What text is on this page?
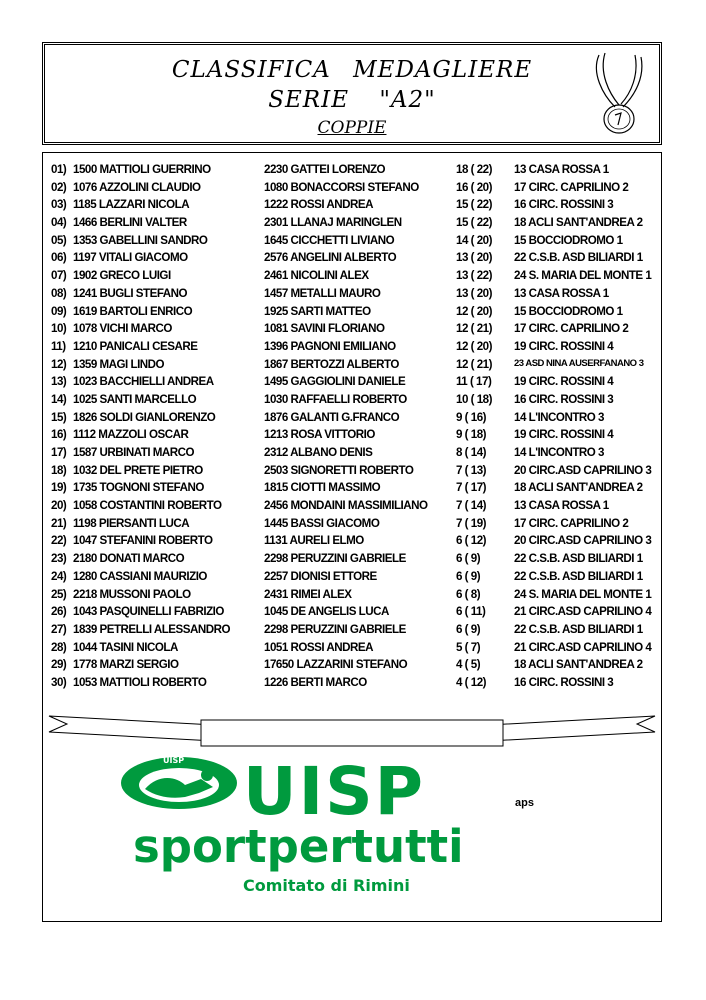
CLASSIFICA MEDAGLIERE
SERIE "A2"
COPPIE
01) 1500 MATTIOLI GUERRINO	2230 GATTEI LORENZO	18 ( 22)	13 CASA ROSSA 1
02) 1076 AZZOLINI CLAUDIO	1080 BONACCORSI STEFANO	16 ( 20)	17 CIRC. CAPRILINO 2
03) 1185 LAZZARI NICOLA	1222 ROSSI ANDREA	15 ( 22)	16 CIRC. ROSSINI 3
04) 1466 BERLINI VALTER	2301 LLANAJ MARINGLEN	15 ( 22)	18 ACLI SANT'ANDREA 2
05) 1353 GABELLINI SANDRO	1645 CICCHETTI LIVIANO	14 ( 20)	15 BOCCIODROMO 1
06) 1197 VITALI GIACOMO	2576 ANGELINI ALBERTO	13 ( 20)	22 C.S.B. ASD BILIARDI 1
07) 1902 GRECO LUIGI	2461 NICOLINI ALEX	13 ( 22)	24 S. MARIA DEL MONTE 1
08) 1241 BUGLI STEFANO	1457 METALLI MAURO	13 ( 20)	13 CASA ROSSA 1
09) 1619 BARTOLI ENRICO	1925 SARTI MATTEO	12 ( 20)	15 BOCCIODROMO 1
10) 1078 VICHI MARCO	1081 SAVINI FLORIANO	12 ( 21)	17 CIRC. CAPRILINO 2
11) 1210 PANICALI CESARE	1396 PAGNONI EMILIANO	12 ( 20)	19 CIRC. ROSSINI 4
12) 1359 MAGI LINDO	1867 BERTOZZI ALBERTO	12 ( 21)	23 ASD NINA AUSERFANANO 3
13) 1023 BACCHIELLI ANDREA	1495 GAGGIOLINI DANIELE	11 ( 17)	19 CIRC. ROSSINI 4
14) 1025 SANTI MARCELLO	1030 RAFFAELLI ROBERTO	10 ( 18)	16 CIRC. ROSSINI 3
15) 1826 SOLDI GIANLORENZO	1876 GALANTI G.FRANCO	9 ( 16)	14 L'INCONTRO 3
16) 1112 MAZZOLI OSCAR	1213 ROSA VITTORIO	9 ( 18)	19 CIRC. ROSSINI 4
17) 1587 URBINATI MARCO	2312 ALBANO DENIS	8 ( 14)	14 L'INCONTRO 3
18) 1032 DEL PRETE PIETRO	2503 SIGNORETTI ROBERTO	7 ( 13)	20 CIRC.ASD CAPRILINO 3
19) 1735 TOGNONI STEFANO	1815 CIOTTI MASSIMO	7 ( 17)	18 ACLI SANT'ANDREA 2
20) 1058 COSTANTINI ROBERTO	2456 MONDAINI MASSIMILIANO	7 ( 14)	13 CASA ROSSA 1
21) 1198 PIERSANTI LUCA	1445 BASSI GIACOMO	7 ( 19)	17 CIRC. CAPRILINO 2
22) 1047 STEFANINI ROBERTO	1131 AURELI ELMO	6 ( 12)	20 CIRC.ASD CAPRILINO 3
23) 2180 DONATI MARCO	2298 PERUZZINI GABRIELE	6 ( 9)	22 C.S.B. ASD BILIARDI 1
24) 1280 CASSIANI MAURIZIO	2257 DIONISI ETTORE	6 ( 9)	22 C.S.B. ASD BILIARDI 1
25) 2218 MUSSONI PAOLO	2431 RIMEI ALEX	6 ( 8)	24 S. MARIA DEL MONTE 1
26) 1043 PASQUINELLI FABRIZIO	1045 DE ANGELIS LUCA	6 ( 11)	21 CIRC.ASD CAPRILINO 4
27) 1839 PETRELLI ALESSANDRO	2298 PERUZZINI GABRIELE	6 ( 9)	22 C.S.B. ASD BILIARDI 1
28) 1044 TASINI NICOLA	1051 ROSSI ANDREA	5 ( 7)	21 CIRC.ASD CAPRILINO 4
29) 1778 MARZI SERGIO	17650 LAZZARINI STEFANO	4 ( 5)	18 ACLI SANT'ANDREA 2
30) 1053 MATTIOLI ROBERTO	1226 BERTI MARCO	4 ( 12)	16 CIRC. ROSSINI 3
UISP UISP	aps
sportpertutti
Comitato di Rimini
